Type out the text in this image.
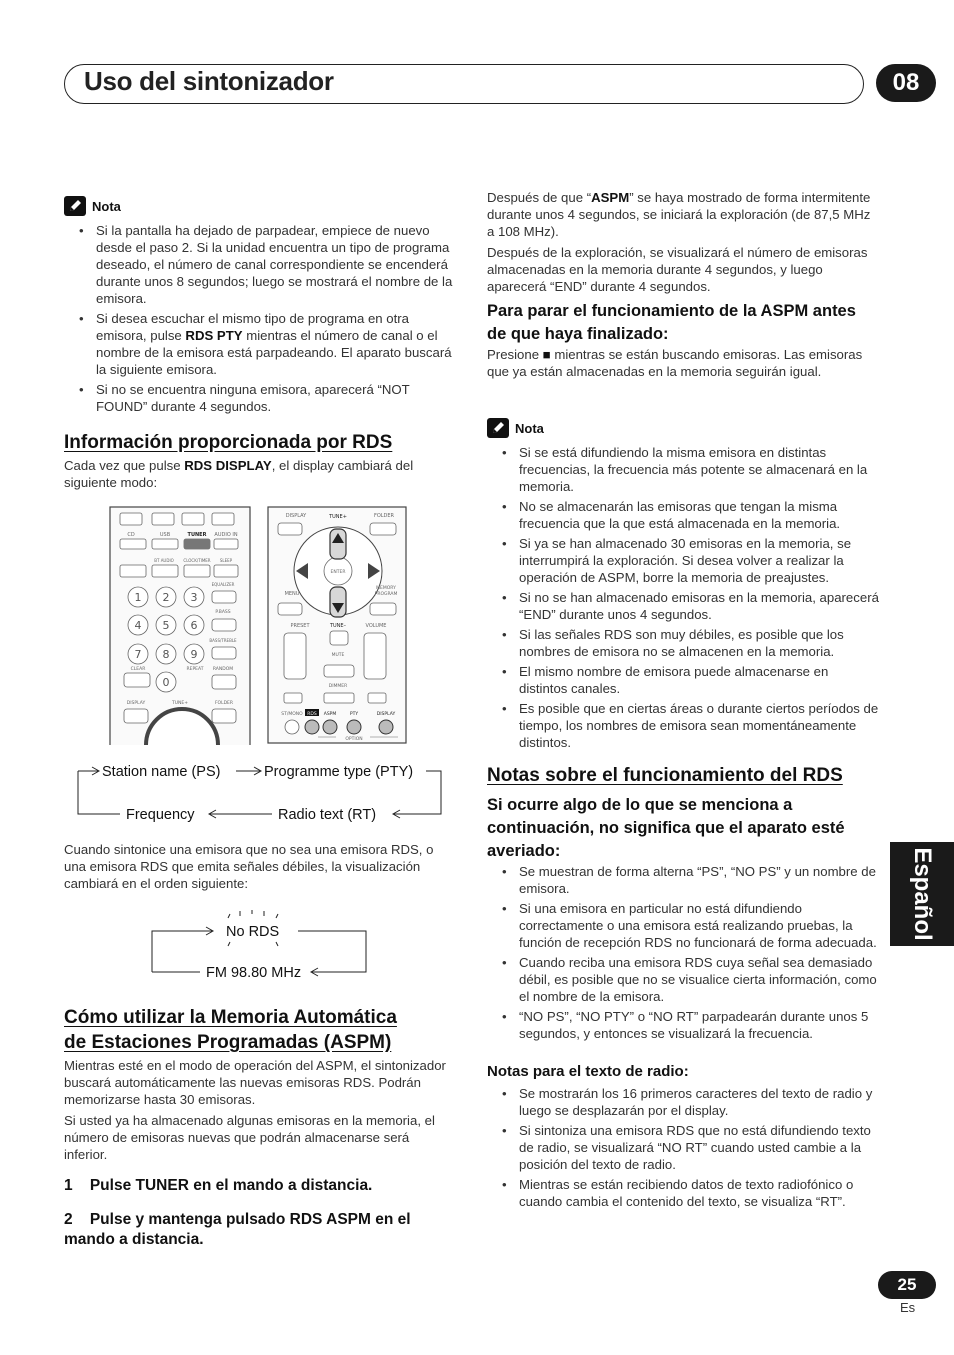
Uso del sintonizador	08
Español
Nota
• Si la pantalla ha dejado de parpadear, empiece de nuevo desde el paso 2. Si la unidad encuentra un tipo de programa deseado, el número de canal correspondiente se encenderá durante unos 8 segundos; luego se mostrará el nombre de la emisora.
• Si desea escuchar el mismo tipo de programa en otra emisora, pulse RDS PTY mientras el número de canal o el nombre de la emisora está parpadeando. El aparato buscará la siguiente emisora.
• Si no se encuentra ninguna emisora, aparecerá “NOT FOUND” durante 4 segundos.
Información proporcionada por RDS
Cada vez que pulse RDS DISPLAY, el display cambiará del siguiente modo:
CD	USB	TUNER AUDIO IN
BT AUDIO CLOCK/TIMER SLEEP
EQUALIZER
P.BASS
BASS/TREBLE
CLEAR	REPEAT RANDOM
DISPLAY	TUNE+	FOLDER
1 2 3
4 5 6
7 8 9
0
DISPLAY	TUNE+	FOLDER
ENTER
MENU
MEMORY
PROGRAM
PRESET	TUNE–	VOLUME
MUTE
DIMMER
ST/MONO	ASPM	PTY	DISPLAY
OPTION
RDS
Station name (PS)	Programme type (PTY)
Frequency	Radio text (RT)
Cuando sintonice una emisora que no sea una emisora RDS, o una emisora RDS que emita señales débiles, la visualización cambiará en el orden siguiente:
No RDS
FM 98.80 MHz
Cómo utilizar la Memoria Automática
de Estaciones Programadas (ASPM)

Mientras esté en el modo de operación del ASPM, el sintonizador buscará automáticamente las nuevas emisoras RDS. Podrán memorizarse hasta 30 emisoras.

Si usted ya ha almacenado algunas emisoras en la memoria, el número de emisoras nuevas que podrán almacenarse será inferior.

1    Pulse TUNER en el mando a distancia.
2    Pulse y mantenga pulsado RDS ASPM en el
mando a distancia.

Después de que “ASPM” se haya mostrado de forma intermitente durante unos 4 segundos, se iniciará la exploración (de 87,5 MHz a 108 MHz).

Después de la exploración, se visualizará el número de emisoras almacenadas en la memoria durante 4 segundos, y luego aparecerá “END” durante 4 segundos.

Para parar el funcionamiento de la ASPM antes de que haya finalizado:
Presione ■ mientras se están buscando emisoras. Las emisoras que ya están almacenadas en la memoria seguirán igual.
Nota
• Si se está difundiendo la misma emisora en distintas frecuencias, la frecuencia más potente se almacenará en la memoria.
• No se almacenarán las emisoras que tengan la misma frecuencia que la que está almacenada en la memoria.
• Si ya se han almacenado 30 emisoras en la memoria, se interrumpirá la exploración. Si desea volver a realizar la operación de ASPM, borre la memoria de preajustes.
• Si no se han almacenado emisoras en la memoria, aparecerá “END” durante unos 4 segundos.
• Si las señales RDS son muy débiles, es posible que los nombres de emisora no se almacenen en la memoria.
• El mismo nombre de emisora puede almacenarse en distintos canales.
• Es posible que en ciertas áreas o durante ciertos períodos de tiempo, los nombres de emisora sean momentáneamente distintos.
Notas sobre el funcionamiento del RDS
Si ocurre algo de lo que se menciona a continuación, no significa que el aparato esté averiado:
• Se muestran de forma alterna “PS”, “NO PS” y un nombre de emisora.
• Si una emisora en particular no está difundiendo correctamente o una emisora está realizando pruebas, la función de recepción RDS no funcionará de forma adecuada.
• Cuando reciba una emisora RDS cuya señal sea demasiado débil, es posible que no se visualice cierta información, como el nombre de la emisora.
• “NO PS”, “NO PTY” o “NO RT” parpadearán durante unos 5 segundos, y entonces se visualizará la frecuencia.
Notas para el texto de radio:
• Se mostrarán los 16 primeros caracteres del texto de radio y luego se desplazarán por el display.
• Si sintoniza una emisora RDS que no está difundiendo texto de radio, se visualizará “NO RT” cuando usted cambie a la posición del texto de radio.
• Mientras se están recibiendo datos de texto radiofónico o cuando cambia el contenido del texto, se visualiza “RT”.
25
Es
